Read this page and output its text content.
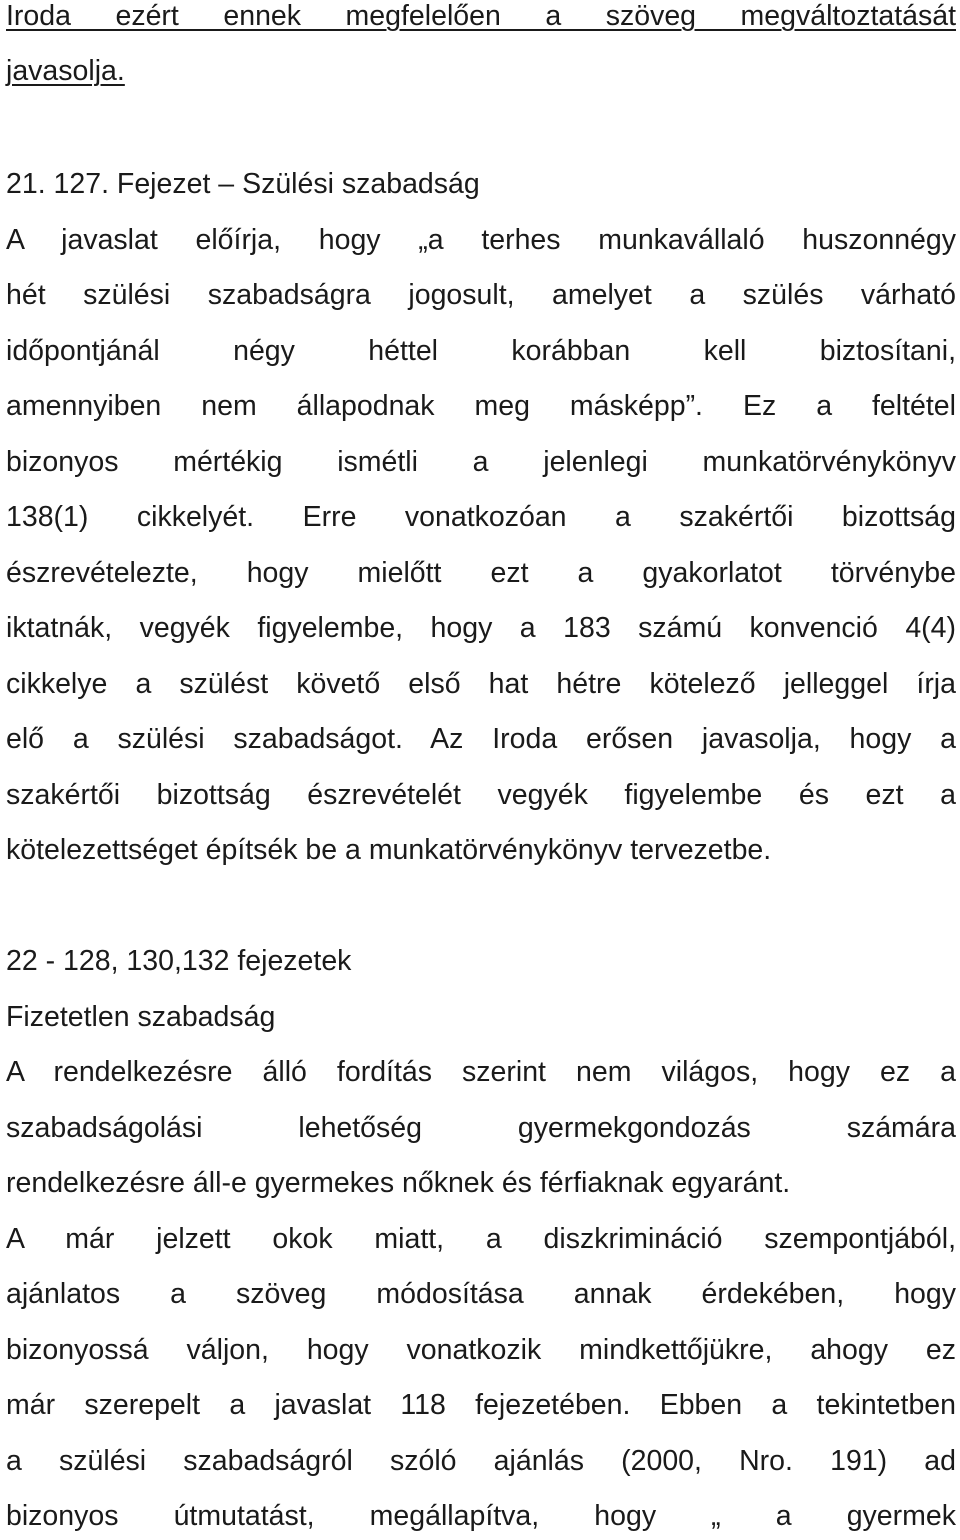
Iroda ezért ennek megfelelően a szöveg megváltoztatását
javasolja.
21. 127. Fejezet – Szülési szabadság
A javaslat előírja, hogy „a terhes munkavállaló huszonnégy
hét szülési szabadságra jogosult, amelyet a szülés várható
időpontjánál négy héttel korábban kell biztosítani,
amennyiben nem állapodnak meg másképp”. Ez a feltétel
bizonyos mértékig ismétli a jelenlegi munkatörvénykönyv
138(1) cikkelyét. Erre vonatkozóan a szakértői bizottság
észrevételezte, hogy mielőtt ezt a gyakorlatot törvénybe
iktatnák, vegyék figyelembe, hogy a 183 számú konvenció 4(4)
cikkelye a szülést követő első hat hétre kötelező jelleggel írja
elő a szülési szabadságot. Az Iroda erősen javasolja, hogy a
szakértői bizottság észrevételét vegyék figyelembe és ezt a
kötelezettséget építsék be a munkatörvénykönyv tervezetbe.
22 - 128, 130,132 fejezetek
Fizetetlen szabadság
A rendelkezésre álló fordítás szerint nem világos, hogy ez a
szabadságolási lehetőség gyermekgondozás számára
rendelkezésre áll-e gyermekes nőknek és férfiaknak egyaránt.
A már jelzett okok miatt, a diszkrimináció szempontjából,
ajánlatos a szöveg módosítása annak érdekében, hogy
bizonyossá váljon, hogy vonatkozik mindkettőjükre, ahogy ez
már szerepelt a javaslat 118 fejezetében. Ebben a tekintetben
a szülési szabadságról szóló ajánlás (2000, Nro. 191) ad
bizonyos útmutatást, megállapítva, hogy „ a gyermek
